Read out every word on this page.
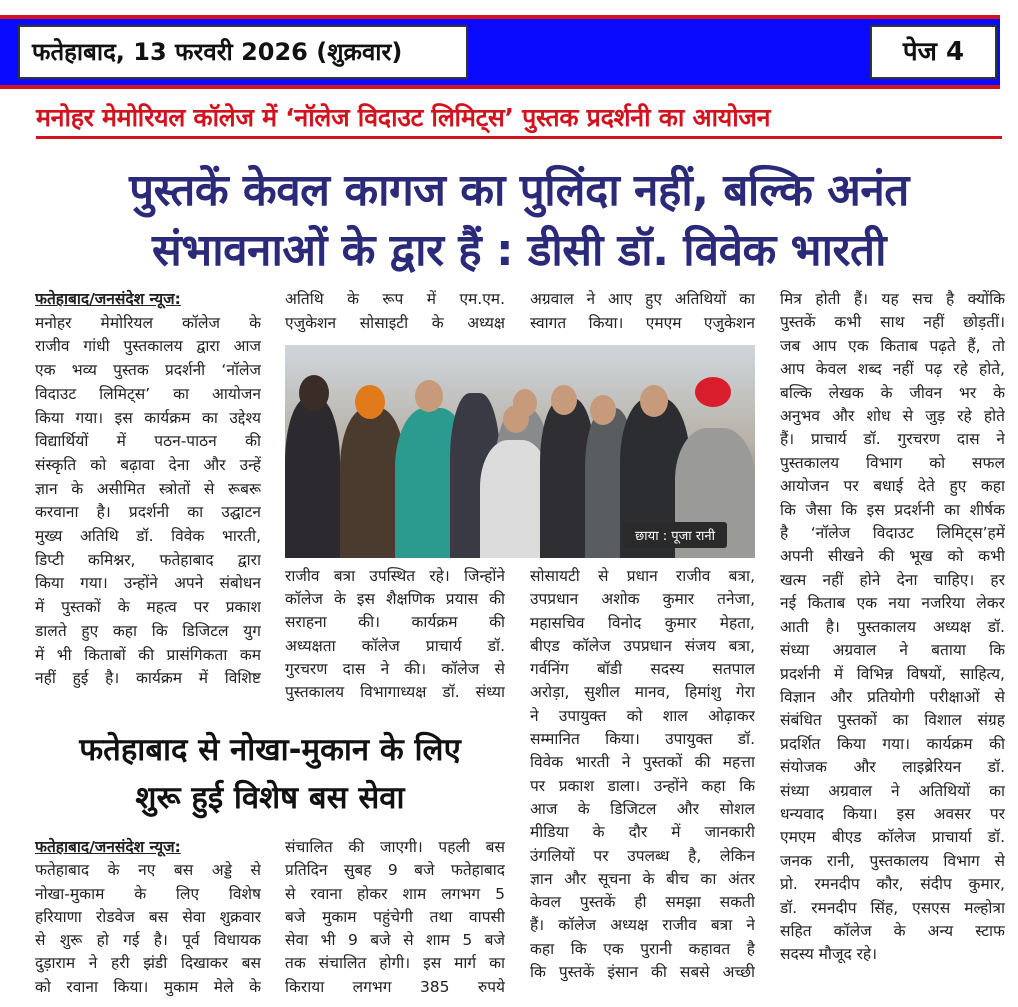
फतेहाबाद, 13 फरवरी 2026 (शुक्रवार)	पेज 4
मनोहर मेमोरियल कॉलेज में ‘नॉलेज विदाउट लिमिट्स’ पुस्तक प्रदर्शनी का आयोजन
पुस्तकें केवल कागज का पुलिंदा नहीं, बल्कि अनंत
संभावनाओं के द्वार हैं : डीसी डॉ. विवेक भारती
फतेहाबाद/जनसंदेश न्यूज:
मनोहर मेमोरियल कॉलेज के
राजीव गांधी पुस्तकालय द्वारा आज
एक भव्य पुस्तक प्रदर्शनी ‘नॉलेज
विदाउट लिमिट्स’ का आयोजन
किया गया। इस कार्यक्रम का उद्देश्य
विद्यार्थियों में पठन-पाठन की
संस्कृति को बढ़ावा देना और उन्हें
ज्ञान के असीमित स्त्रोतों से रूबरू
करवाना है। प्रदर्शनी का उद्घाटन
मुख्य अतिथि डॉ. विवेक भारती,
डिप्टी कमिश्नर, फतेहाबाद द्वारा
किया गया। उन्होंने अपने संबोधन
में पुस्तकों के महत्व पर प्रकाश
डालते हुए कहा कि डिजिटल युग
में भी किताबों की प्रासंगिकता कम
नहीं हुई है। कार्यक्रम में विशिष्ट
अतिथि के रूप में एम.एम.
एजुकेशन सोसाइटी के अध्यक्ष
अग्रवाल ने आए हुए अतिथियों का
स्वागत किया। एमएम एजुकेशन
छाया : पूजा रानी
राजीव बत्रा उपस्थित रहे। जिन्होंने
कॉलेज के इस शैक्षणिक प्रयास की
सराहना की। कार्यक्रम की
अध्यक्षता कॉलेज प्राचार्य डॉ.
गुरचरण दास ने की। कॉलेज से
पुस्तकालय विभागाध्यक्ष डॉ. संध्या
सोसायटी से प्रधान राजीव बत्रा,
उपप्रधान अशोक कुमार तनेजा,
महासचिव विनोद कुमार मेहता,
बीएड कॉलेज उपप्रधान संजय बत्रा,
गर्वनिंग बॉडी सदस्य सतपाल
अरोड़ा, सुशील मानव, हिमांशु गेरा
ने उपायुक्त को शाल ओढ़ाकर
सम्मानित किया। उपायुक्त डॉ.
विवेक भारती ने पुस्तकों की महत्ता
पर प्रकाश डाला। उन्होंने कहा कि
आज के डिजिटल और सोशल
मीडिया के दौर में जानकारी
उंगलियों पर उपलब्ध है, लेकिन
ज्ञान और सूचना के बीच का अंतर
केवल पुस्तकें ही समझा सकती
हैं। कॉलेज अध्यक्ष राजीव बत्रा ने
कहा कि एक पुरानी कहावत है
कि पुस्तकें इंसान की सबसे अच्छी
मित्र होती हैं। यह सच है क्योंकि
पुस्तकें कभी साथ नहीं छोड़तीं।
जब आप एक किताब पढ़ते हैं, तो
आप केवल शब्द नहीं पढ़ रहे होते,
बल्कि लेखक के जीवन भर के
अनुभव और शोध से जुड़ रहे होते
हैं। प्राचार्य डॉ. गुरचरण दास ने
पुस्तकालय विभाग को सफल
आयोजन पर बधाई देते हुए कहा
कि जैसा कि इस प्रदर्शनी का शीर्षक
है ‘नॉलेज विदाउट लिमिट्स’हमें
अपनी सीखने की भूख को कभी
खत्म नहीं होने देना चाहिए। हर
नई किताब एक नया नजरिया लेकर
आती है। पुस्तकालय अध्यक्ष डॉ.
संध्या अग्रवाल ने बताया कि
प्रदर्शनी में विभिन्न विषयों, साहित्य,
विज्ञान और प्रतियोगी परीक्षाओं से
संबंधित पुस्तकों का विशाल संग्रह
प्रदर्शित किया गया। कार्यक्रम की
संयोजक और लाइब्रेरियन डॉ.
संध्या अग्रवाल ने अतिथियों का
धन्यवाद किया। इस अवसर पर
एमएम बीएड कॉलेज प्राचार्या डॉ.
जनक रानी, पुस्तकालय विभाग से
प्रो. रमनदीप कौर, संदीप कुमार,
डॉ. रमनदीप सिंह, एसएस मल्होत्रा
सहित कॉलेज के अन्य स्टाफ
सदस्य मौजूद रहे।
फतेहाबाद से नोखा-मुकान के लिए
शुरू हुई विशेष बस सेवा
फतेहाबाद/जनसंदेश न्यूज:
फतेहाबाद के नए बस अड्डे से
नोखा-मुकाम के लिए विशेष
हरियाणा रोडवेज बस सेवा शुक्रवार
से शुरू हो गई है। पूर्व विधायक
दुड़ाराम ने हरी झंडी दिखाकर बस
को रवाना किया। मुकाम मेले के
संचालित की जाएगी। पहली बस
प्रतिदिन सुबह 9 बजे फतेहाबाद
से रवाना होकर शाम लगभग 5
बजे मुकाम पहुंचेगी तथा वापसी
सेवा भी 9 बजे से शाम 5 बजे
तक संचालित होगी। इस मार्ग का
किराया लगभग 385 रुपये
